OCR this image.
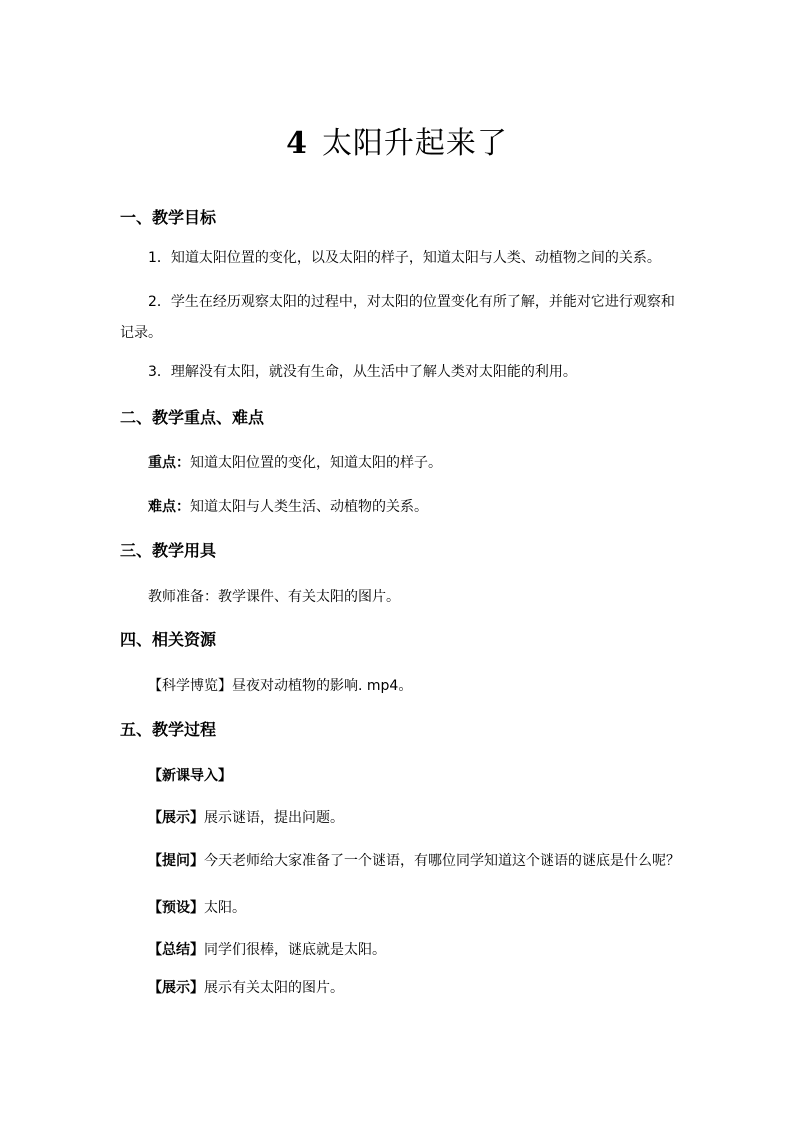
4 太阳升起来了
一、教学目标
1．知道太阳位置的变化，以及太阳的样子，知道太阳与人类、动植物之间的关系。
2．学生在经历观察太阳的过程中，对太阳的位置变化有所了解，并能对它进行观察和
记录。
3．理解没有太阳，就没有生命，从生活中了解人类对太阳能的利用。
二、教学重点、难点
重点：知道太阳位置的变化，知道太阳的样子。
难点：知道太阳与人类生活、动植物的关系。
三、教学用具
教师准备：教学课件、有关太阳的图片。
四、相关资源
【科学博览】昼夜对动植物的影响. mp4。
五、教学过程
【新课导入】
【展示】展示谜语，提出问题。
【提问】今天老师给大家准备了一个谜语，有哪位同学知道这个谜语的谜底是什么呢？
【预设】太阳。
【总结】同学们很棒，谜底就是太阳。
【展示】展示有关太阳的图片。
